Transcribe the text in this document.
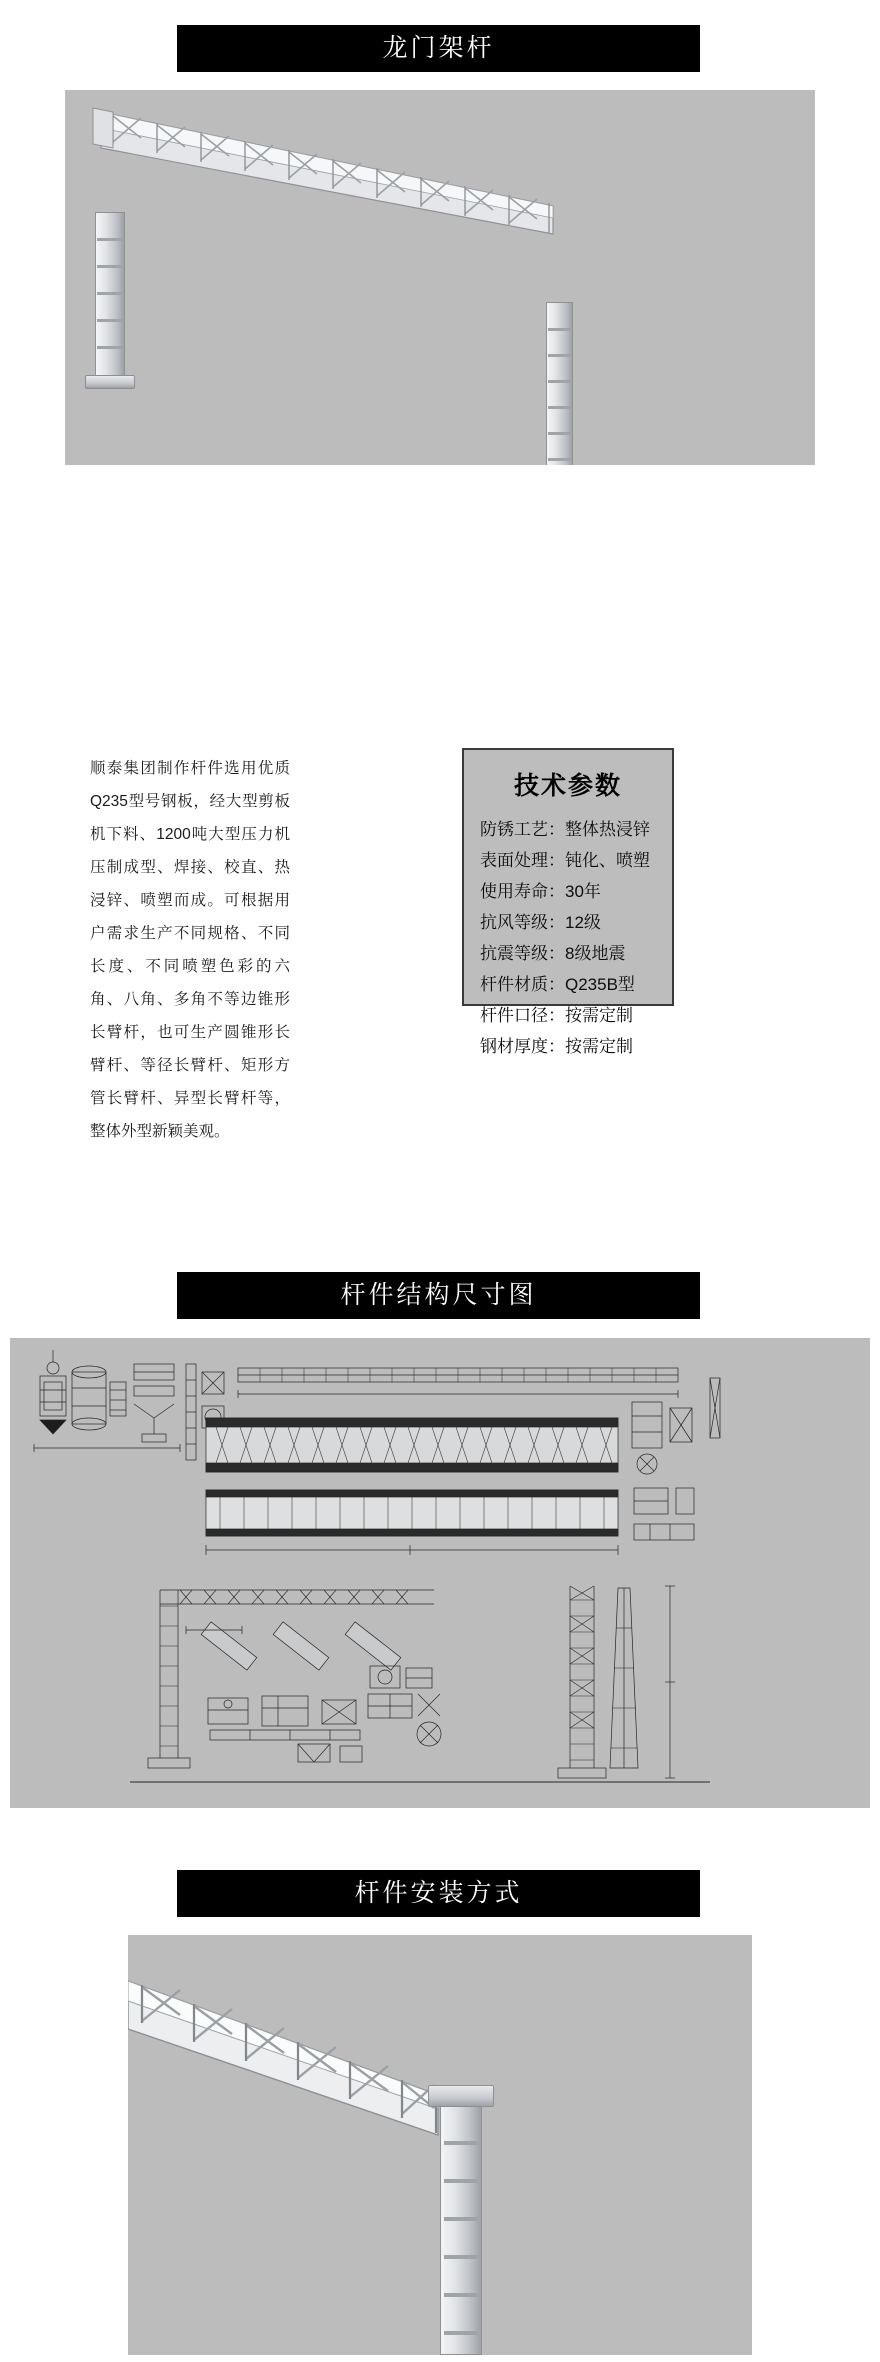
龙门架杆
顺泰集团制作杆件选用优质Q235型号钢板，经大型剪板机下料、1200吨大型压力机压制成型、焊接、校直、热浸锌、喷塑而成。可根据用户需求生产不同规格、不同长度、不同喷塑色彩的六角、八角、多角不等边锥形长臂杆，也可生产圆锥形长臂杆、等径长臂杆、矩形方管长臂杆、异型长臂杆等，整体外型新颖美观。
技术参数
防锈工艺：整体热浸锌
表面处理：钝化、喷塑
使用寿命：30年
抗风等级：12级
抗震等级：8级地震
杆件材质：Q235B型
杆件口径：按需定制
钢材厚度：按需定制
杆件结构尺寸图
杆件安装方式
